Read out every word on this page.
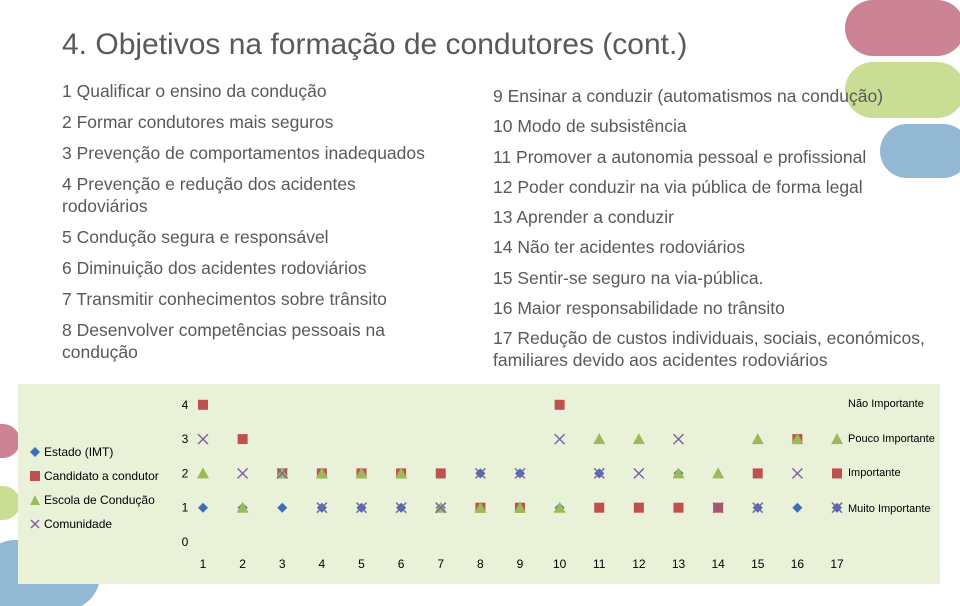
4. Objetivos na formação de condutores (cont.)
1 Qualificar o ensino da condução
2 Formar condutores mais seguros
3 Prevenção de comportamentos inadequados
4 Prevenção e redução dos acidentes rodoviários
5 Condução segura e responsável
6 Diminuição dos acidentes rodoviários
7 Transmitir conhecimentos sobre trânsito
8 Desenvolver competências pessoais na condução
9 Ensinar a conduzir (automatismos na condução)
10 Modo de subsistência
11 Promover a autonomia pessoal e profissional
12 Poder conduzir na via pública de forma legal
13 Aprender a conduzir
14 Não ter acidentes rodoviários
15 Sentir-se seguro na via-pública.
16 Maior responsabilidade no trânsito
17 Redução de custos individuais, sociais, económicos, familiares devido aos acidentes rodoviários
Estado (IMT)
Candidato a condutor
Escola de Condução
Comunidade
0
1
2
3
4
1	2	3	4	5	6	7	8	9 10 11 12 13 14 15 16 17
Não Importante
Pouco Importante
Importante
Muito Importante
